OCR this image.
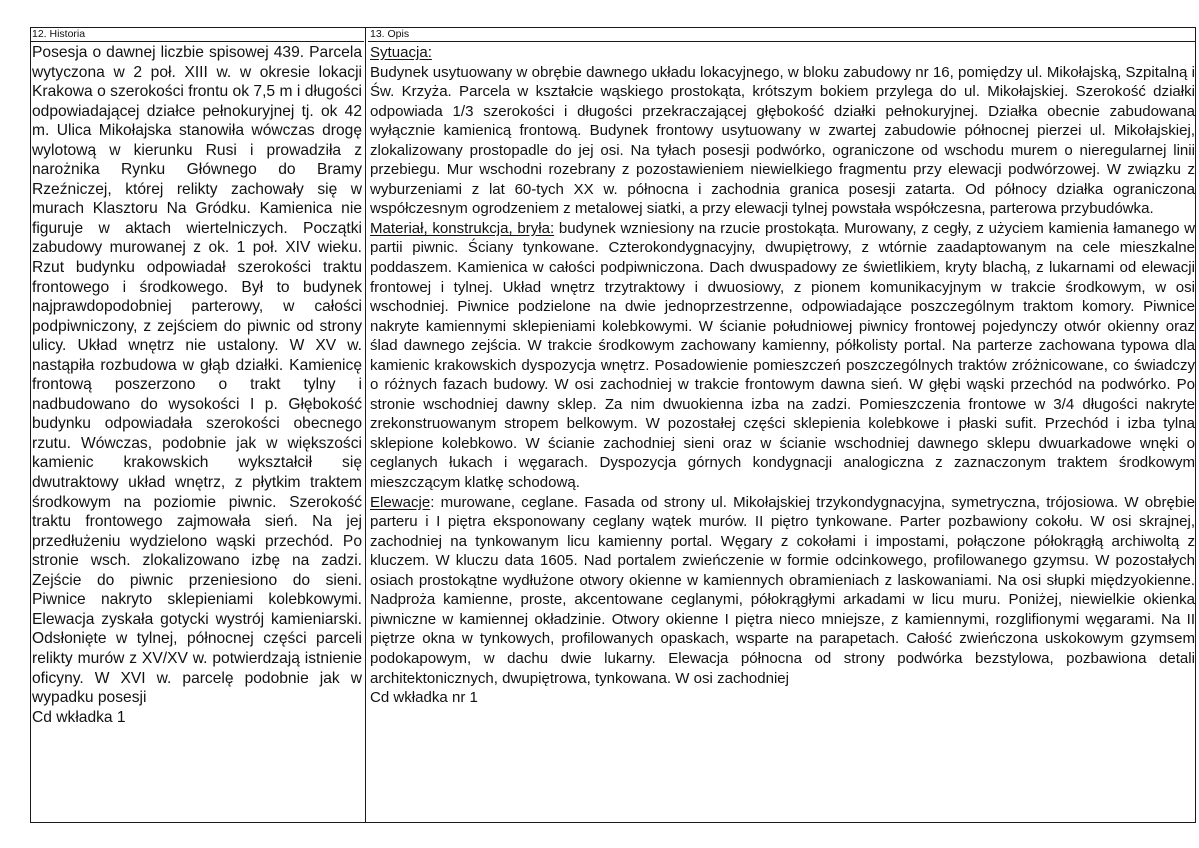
12. Historia

Posesja o dawnej liczbie spisowej 439. Parcela wytyczona w 2 poł. XIII w. w okresie lokacji Krakowa o szerokości frontu ok 7,5 m i długości odpowiadającej działce pełnokuryjnej tj. ok 42 m. Ulica Mikołajska stanowiła wówczas drogę wylotową w kierunku Rusi i prowadziła z narożnika Rynku Głównego do Bramy Rzeźniczej, której relikty zachowały się w murach Klasztoru Na Gródku. Kamienica nie figuruje w aktach wiertelniczych. Początki zabudowy murowanej z ok. 1 poł. XIV wieku. Rzut budynku odpowiadał szerokości traktu frontowego i środkowego. Był to budynek najprawdopodobniej parterowy, w całości podpiwniczony, z zejściem do piwnic od strony ulicy. Układ wnętrz nie ustalony. W XV w. nastąpiła rozbudowa w głąb działki. Kamienicę frontową poszerzono o trakt tylny i nadbudowano do wysokości I p. Głębokość budynku odpowiadała szerokości obecnego rzutu. Wówczas, podobnie jak w większości kamienic krakowskich wykształcił się dwutraktowy układ wnętrz, z płytkim traktem środkowym na poziomie piwnic. Szerokość traktu frontowego zajmowała sień. Na jej przedłużeniu wydzielono wąski przechód. Po stronie wsch. zlokalizowano izbę na zadzi. Zejście do piwnic przeniesiono do sieni. Piwnice nakryto sklepieniami kolebkowymi. Elewacja zyskała gotycki wystrój kamieniarski. Odsłonięte w tylnej, północnej części parceli relikty murów z XV/XV w. potwierdzają istnienie oficyny. W XVI w. parcelę podobnie jak w wypadku posesji

Cd wkładka 1

13. Opis

Sytuacja:
Budynek usytuowany w obrębie dawnego układu lokacyjnego, w bloku zabudowy nr 16, pomiędzy ul. Mikołajską, Szpitalną i Św. Krzyża. Parcela w kształcie wąskiego prostokąta, krótszym bokiem przylega do ul. Mikołajskiej. Szerokość działki odpowiada 1/3 szerokości i długości przekraczającej głębokość działki pełnokuryjnej. Działka obecnie zabudowana wyłącznie kamienicą frontową. Budynek frontowy usytuowany w zwartej zabudowie północnej pierzei ul. Mikołajskiej, zlokalizowany prostopadle do jej osi. Na tyłach posesji podwórko, ograniczone od wschodu murem o nieregularnej linii przebiegu. Mur wschodni rozebrany z pozostawieniem niewielkiego fragmentu przy elewacji podwórzowej. W związku z wyburzeniami z lat 60-tych XX w. północna i zachodnia granica posesji zatarta. Od północy działka ograniczona współczesnym ogrodzeniem z metalowej siatki, a przy elewacji tylnej powstała współczesna, parterowa przybudówka.

Materiał, konstrukcja, bryła: budynek wzniesiony na rzucie prostokąta. Murowany, z cegły, z użyciem kamienia łamanego w partii piwnic. Ściany tynkowane. Czterokondygnacyjny, dwupiętrowy, z wtórnie zaadaptowanym na cele mieszkalne poddaszem. Kamienica w całości podpiwniczona. Dach dwuspadowy ze świetlikiem, kryty blachą, z lukarnami od elewacji frontowej i tylnej. Układ wnętrz trzytraktowy i dwuosiowy, z pionem komunikacyjnym w trakcie środkowym, w osi wschodniej. Piwnice podzielone na dwie jednoprzestrzenne, odpowiadające poszczególnym traktom komory. Piwnice nakryte kamiennymi sklepieniami kolebkowymi. W ścianie południowej piwnicy frontowej pojedynczy otwór okienny oraz ślad dawnego zejścia. W trakcie środkowym zachowany kamienny, półkolisty portal. Na parterze zachowana typowa dla kamienic krakowskich dyspozycja wnętrz. Posadowienie pomieszczeń poszczególnych traktów zróżnicowane, co świadczy o różnych fazach budowy. W osi zachodniej w trakcie frontowym dawna sień. W głębi wąski przechód na podwórko. Po stronie wschodniej dawny sklep. Za nim dwuokienna izba na zadzi. Pomieszczenia frontowe w 3/4 długości nakryte zrekonstruowanym stropem belkowym. W pozostałej części sklepienia kolebkowe i płaski sufit. Przechód i izba tylna sklepione kolebkowo. W ścianie zachodniej sieni oraz w ścianie wschodniej dawnego sklepu dwuarkadowe wnęki o ceglanych łukach i węgarach. Dyspozycja górnych kondygnacji analogiczna z zaznaczonym traktem środkowym mieszczącym klatkę schodową.

Elewacje: murowane, ceglane. Fasada od strony ul. Mikołajskiej trzykondygnacyjna, symetryczna, trójosiowa. W obrębie parteru i I piętra eksponowany ceglany wątek murów. II piętro tynkowane. Parter pozbawiony cokołu. W osi skrajnej, zachodniej na tynkowanym licu kamienny portal. Węgary z cokołami i impostami, połączone półokrągłą archiwoltą z kluczem. W kluczu data 1605. Nad portalem zwieńczenie w formie odcinkowego, profilowanego gzymsu. W pozostałych osiach prostokątne wydłużone otwory okienne w kamiennych obramieniach z laskowaniami. Na osi słupki międzyokienne. Nadproża kamienne, proste, akcentowane ceglanymi, półokrągłymi arkadami w licu muru. Poniżej, niewielkie okienka piwniczne w kamiennej okładzinie. Otwory okienne I piętra nieco mniejsze, z kamiennymi, rozglifionymi węgarami. Na II piętrze okna w tynkowych, profilowanych opaskach, wsparte na parapetach. Całość zwieńczona uskokowym gzymsem podokapowym, w dachu dwie lukarny. Elewacja północna od strony podwórka bezstylowa, pozbawiona detali architektonicznych, dwupiętrowa, tynkowana. W osi zachodniej

Cd wkładka nr 1
